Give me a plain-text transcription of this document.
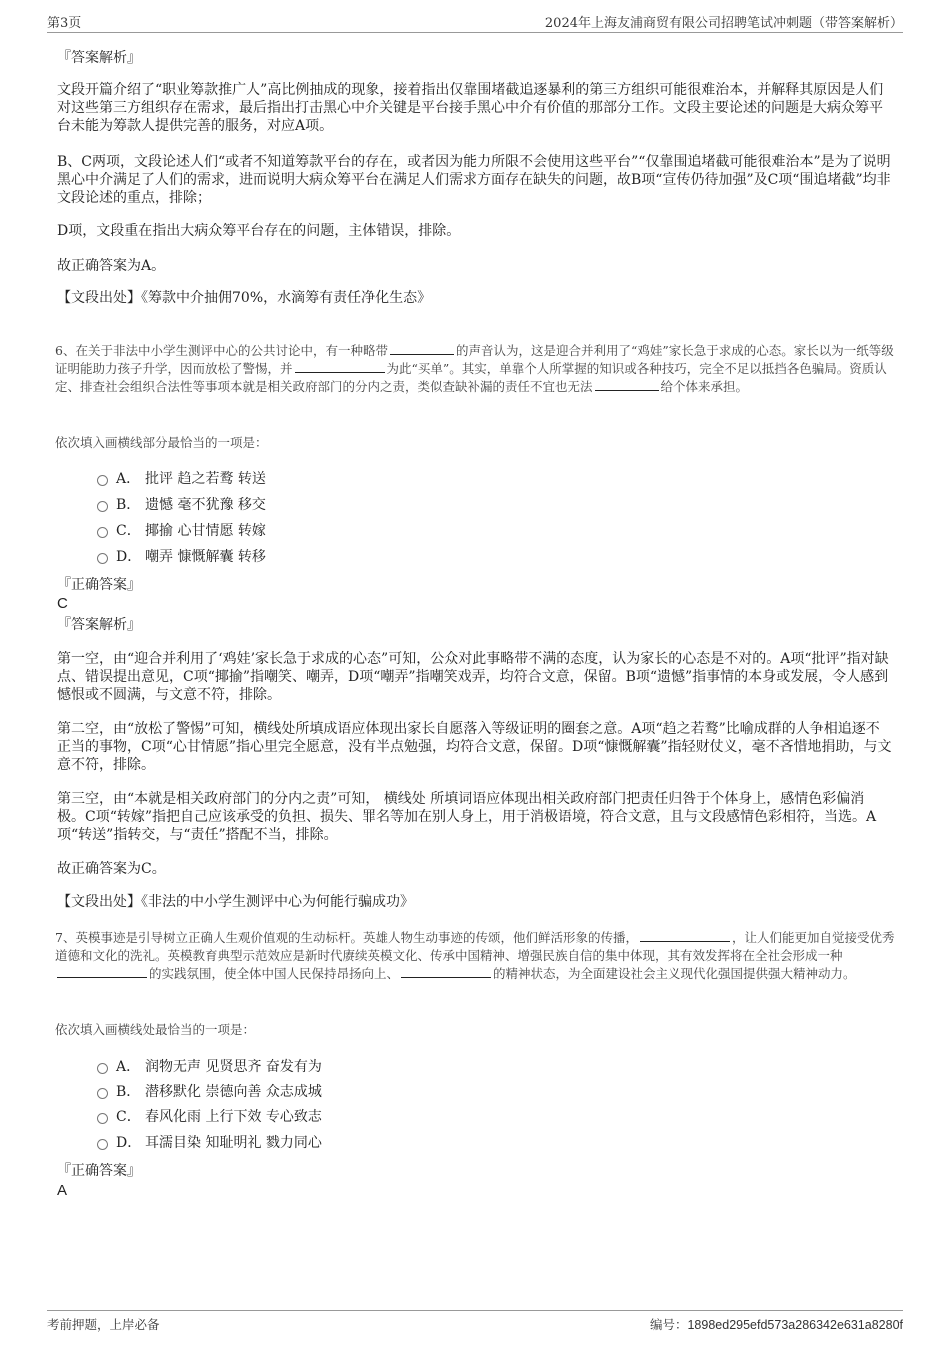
第3页	2024年上海友浦商贸有限公司招聘笔试冲刺题（带答案解析）
『答案解析』
文段开篇介绍了“职业筹款推广人”高比例抽成的现象，接着指出仅靠围堵截追逐暴利的第三方组织可能很难治本，并解释其原因是人们对这些第三方组织存在需求，最后指出打击黑心中介关键是平台接手黑心中介有价值的那部分工作。文段主要论述的问题是大病众筹平台未能为筹款人提供完善的服务，对应A项。
B、C两项，文段论述人们“或者不知道筹款平台的存在，或者因为能力所限不会使用这些平台”“仅靠围追堵截可能很难治本”是为了说明黑心中介满足了人们的需求，进而说明大病众筹平台在满足人们需求方面存在缺失的问题，故B项“宣传仍待加强”及C项“围追堵截”均非文段论述的重点，排除；
D项，文段重在指出大病众筹平台存在的问题，主体错误，排除。
故正确答案为A。
【文段出处】《筹款中介抽佣70%，水滴筹有责任净化生态》
6、在关于非法中小学生测评中心的公共讨论中，有一种略带	的声音认为，这是迎合并利用了“鸡娃”家长急于求成的心态。家长以为一纸等级证明能助力孩子升学，因而放松了警惕，并	为此“买单”。其实，单靠个人所掌握的知识或各种技巧，完全不足以抵挡各色骗局。资质认定、排查社会组织合法性等事项本就是相关政府部门的分内之责，类似查缺补漏的责任不宜也无法	给个体来承担。
依次填入画横线部分最恰当的一项是：
A． 批评 趋之若鹜 转送
B． 遗憾 毫不犹豫 移交
C． 揶揄 心甘情愿 转嫁
D． 嘲弄 慷慨解囊 转移
『正确答案』
C
『答案解析』
第一空，由“迎合并利用了‘鸡娃’家长急于求成的心态”可知，公众对此事略带不满的态度，认为家长的心态是不对的。A项“批评”指对缺点、错误提出意见，C项“揶揄”指嘲笑、嘲弄，D项“嘲弄”指嘲笑戏弄，均符合文意，保留。B项“遗憾”指事情的本身或发展，令人感到憾恨或不圆满，与文意不符，排除。
第二空，由“放松了警惕”可知，横线处所填成语应体现出家长自愿落入等级证明的圈套之意。A项“趋之若鹜”比喻成群的人争相追逐不正当的事物，C项“心甘情愿”指心里完全愿意，没有半点勉强，均符合文意，保留。D项“慷慨解囊”指轻财仗义，毫不吝惜地捐助，与文意不符，排除。
第三空，由“本就是相关政府部门的分内之责”可知， 横线处 所填词语应体现出相关政府部门把责任归咎于个体身上，感情色彩偏消极。C项“转嫁”指把自己应该承受的负担、损失、罪名等加在别人身上，用于消极语境，符合文意，且与文段感情色彩相符，当选。A项“转送”指转交，与“责任”搭配不当，排除。
故正确答案为C。
【文段出处】《非法的中小学生测评中心为何能行骗成功》
7、英模事迹是引导树立正确人生观价值观的生动标杆。英雄人物生动事迹的传颂，他们鲜活形象的传播，	，让人们能更加自觉接受优秀道德和文化的洗礼。英模教育典型示范效应是新时代赓续英模文化、传承中国精神、增强民族自信的集中体现，其有效发挥将在全社会形成一种的实践氛围，使全体中国人民保持昂扬向上、	的精神状态，为全面建设社会主义现代化强国提供强大精神动力。
依次填入画横线处最恰当的一项是：
A． 润物无声 见贤思齐 奋发有为
B． 潜移默化 崇德向善 众志成城
C． 春风化雨 上行下效 专心致志
D． 耳濡目染 知耻明礼 戮力同心
『正确答案』
A
考前押题，上岸必备	编号：1898ed295efd573a286342e631a8280f
